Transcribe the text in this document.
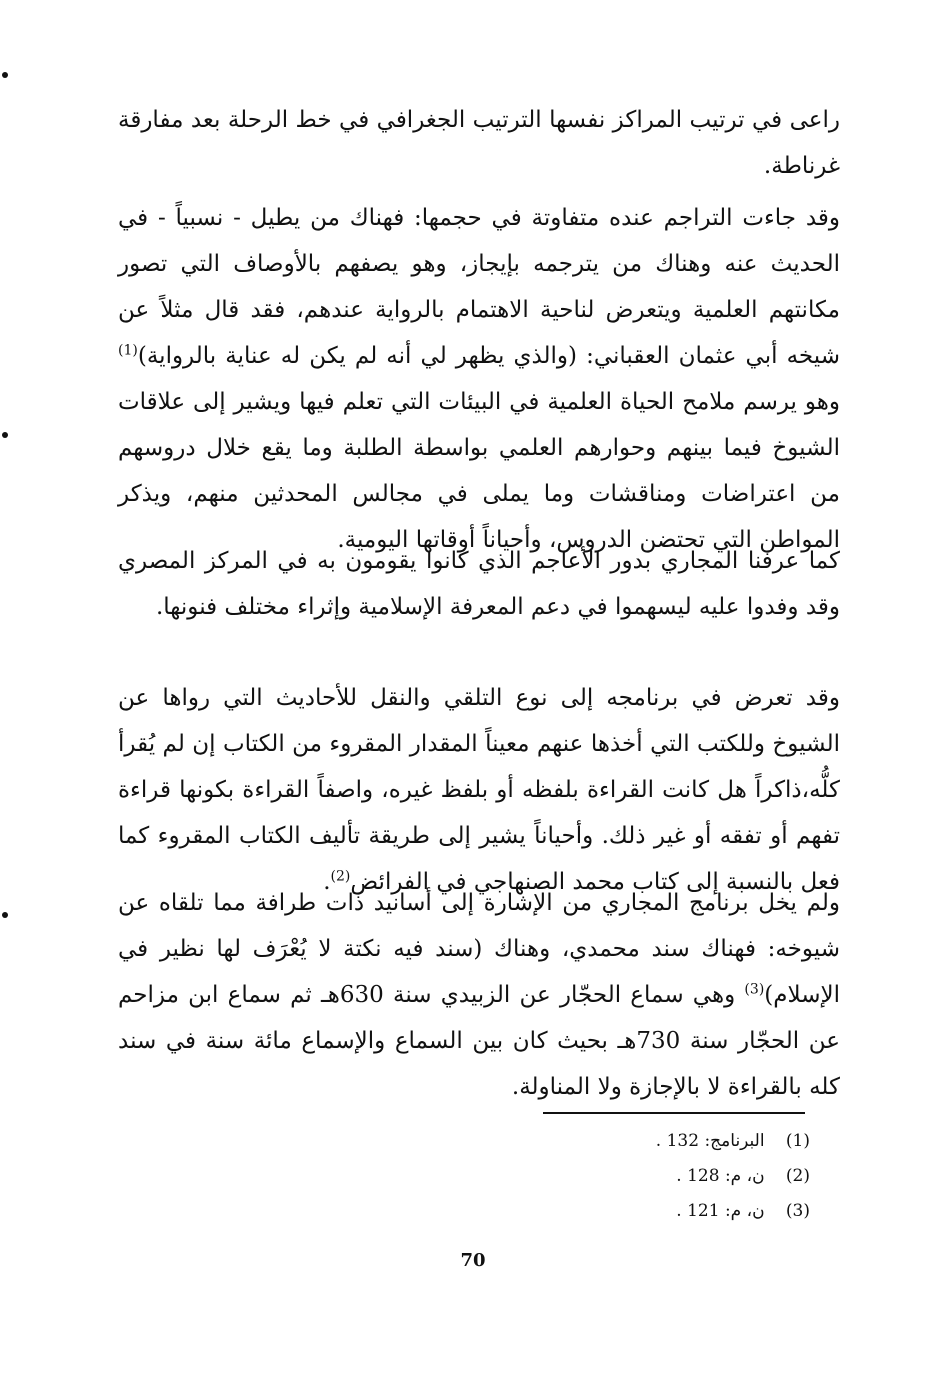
راعى في ترتيب المراكز نفسها الترتيب الجغرافي في خط الرحلة بعد مفارقة غرناطة.

وقد جاءت التراجم عنده متفاوتة في حجمها: فهناك من يطيل - نسبياً - في الحديث عنه وهناك من يترجمه بإيجاز، وهو يصفهم بالأوصاف التي تصور مكانتهم العلمية ويتعرض لناحية الاهتمام بالرواية عندهم، فقد قال مثلاً عن شيخه أبي عثمان العقباني: (والذي يظهر لي أنه لم يكن له عناية بالرواية)$^{(1)}$ وهو يرسم ملامح الحياة العلمية في البيئات التي تعلم فيها ويشير إلى علاقات الشيوخ فيما بينهم وحوارهم العلمي بواسطة الطلبة وما يقع خلال دروسهم من اعتراضات ومناقشات وما يملى في مجالس المحدثين منهم، ويذكر المواطن التي تحتضن الدروس، وأحياناً أوقاتها اليومية.

كما عرفنا المجاري بدور الأعاجم الذي كانوا يقومون به في المركز المصري وقد وفدوا عليه ليسهموا في دعم المعرفة الإسلامية وإثراء مختلف فنونها.

وقد تعرض في برنامجه إلى نوع التلقي والنقل للأحاديث التي رواها عن الشيوخ وللكتب التي أخذها عنهم معيناً المقدار المقروء من الكتاب إن لم يُقرأ كلُّه،ذاكراً هل كانت القراءة بلفظه أو بلفظ غيره، واصفاً القراءة بكونها قراءة تفهم أو تفقه أو غير ذلك. وأحياناً يشير إلى طريقة تأليف الكتاب المقروء كما فعل بالنسبة إلى كتاب محمد الصنهاجي في الفرائض$^{(2)}$.

ولم يخل برنامج المجاري من الإشارة إلى أسانيد ذات طرافة مما تلقاه عن شيوخه: فهناك سند محمدي، وهناك (سند فيه نكتة لا يُعْرَف لها نظير في الإسلام)$^{(3)}$ وهي سماع الحجّار عن الزبيدي سنة 630هـ ثم سماع ابن مزاحم عن الحجّار سنة 730هـ بحيث كان بين السماع والإسماع مائة سنة في سند كله بالقراءة لا بالإجازة ولا المناولة.

(1) البرنامج: 132 .
(2) ن، م: 128 .
(3) ن، م: 121 .
70
